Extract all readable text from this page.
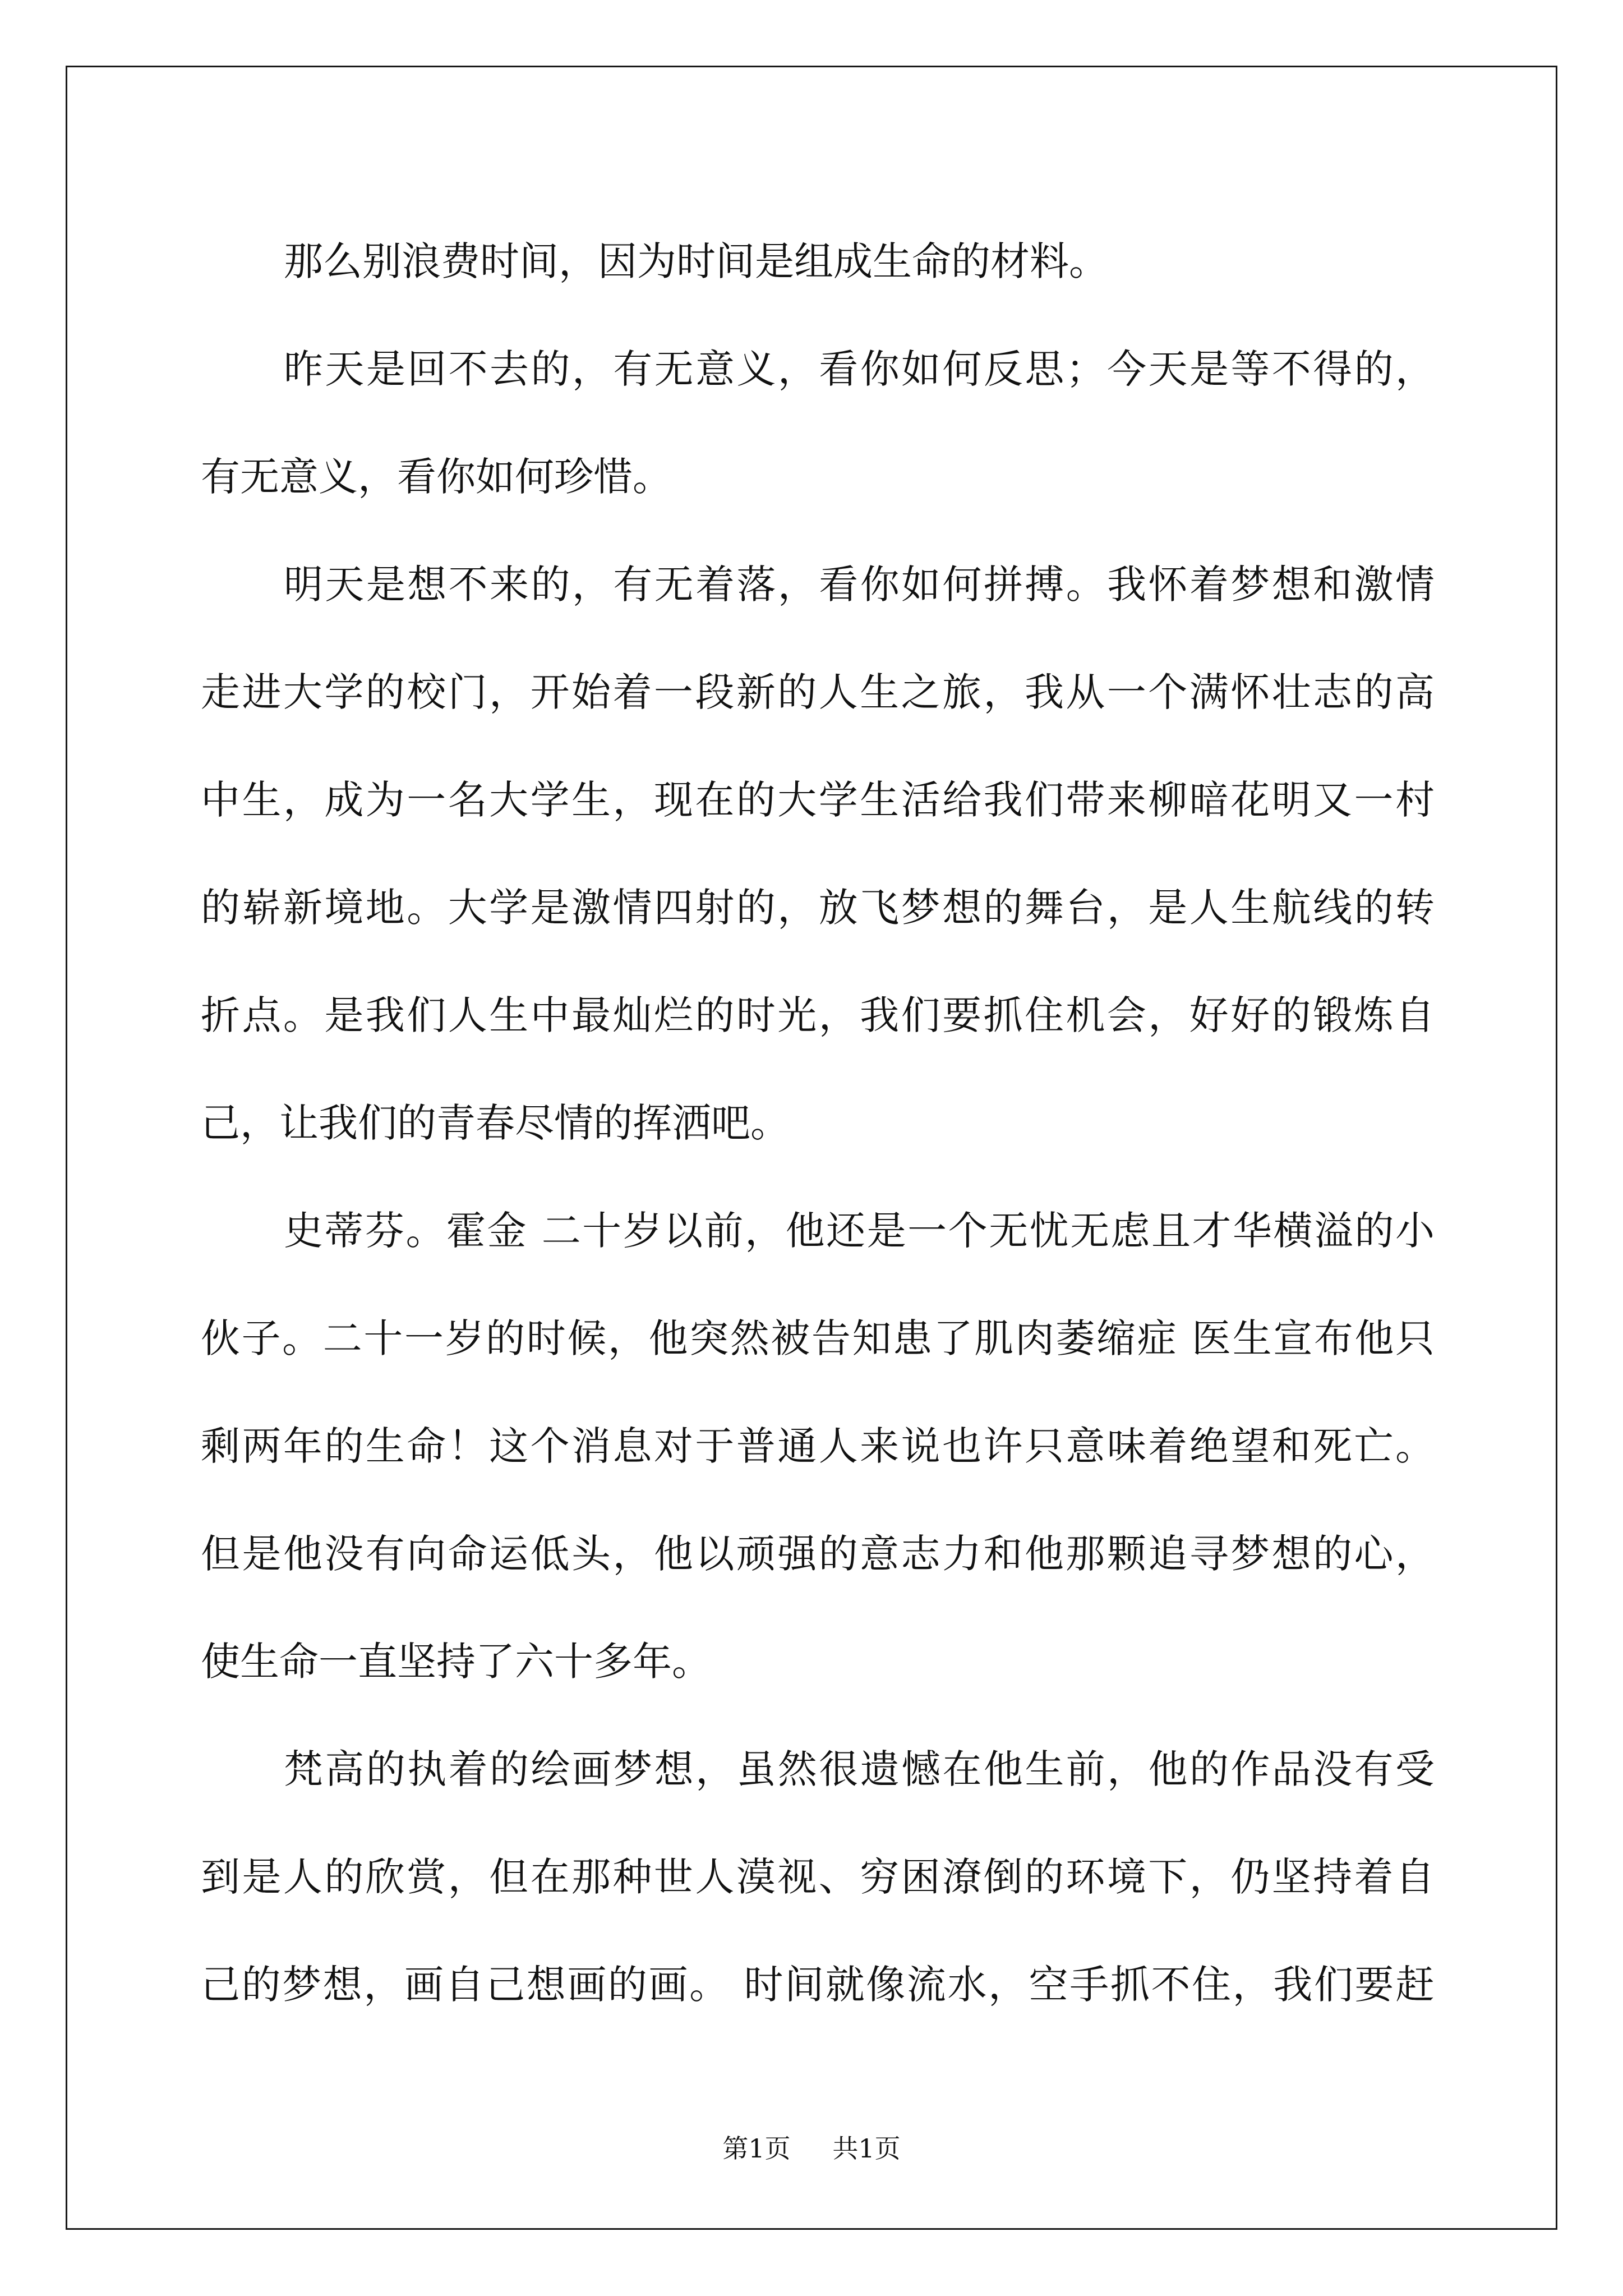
那么别浪费时间，因为时间是组成生命的材料。
昨天是回不去的，有无意义，看你如何反思；今天是等不得的，
有无意义，看你如何珍惜。
明天是想不来的，有无着落，看你如何拼搏。我怀着梦想和激情
走进大学的校门，开始着一段新的人生之旅，我从一个满怀壮志的高
中生，成为一名大学生，现在的大学生活给我们带来柳暗花明又一村
的崭新境地。大学是激情四射的，放飞梦想的舞台，是人生航线的转
折点。是我们人生中最灿烂的时光，我们要抓住机会，好好的锻炼自
己，让我们的青春尽情的挥洒吧。
史蒂芬。霍金 二十岁以前，他还是一个无忧无虑且才华横溢的小
伙子。二十一岁的时候，他突然被告知患了肌肉萎缩症 医生宣布他只
剩两年的生命！这个消息对于普通人来说也许只意味着绝望和死亡。
但是他没有向命运低头，他以顽强的意志力和他那颗追寻梦想的心，
使生命一直坚持了六十多年。
梵高的执着的绘画梦想，虽然很遗憾在他生前，他的作品没有受
到是人的欣赏，但在那种世人漠视、穷困潦倒的环境下，仍坚持着自
己的梦想，画自己想画的画。 时间就像流水，空手抓不住，我们要赶
第1页 共1页
